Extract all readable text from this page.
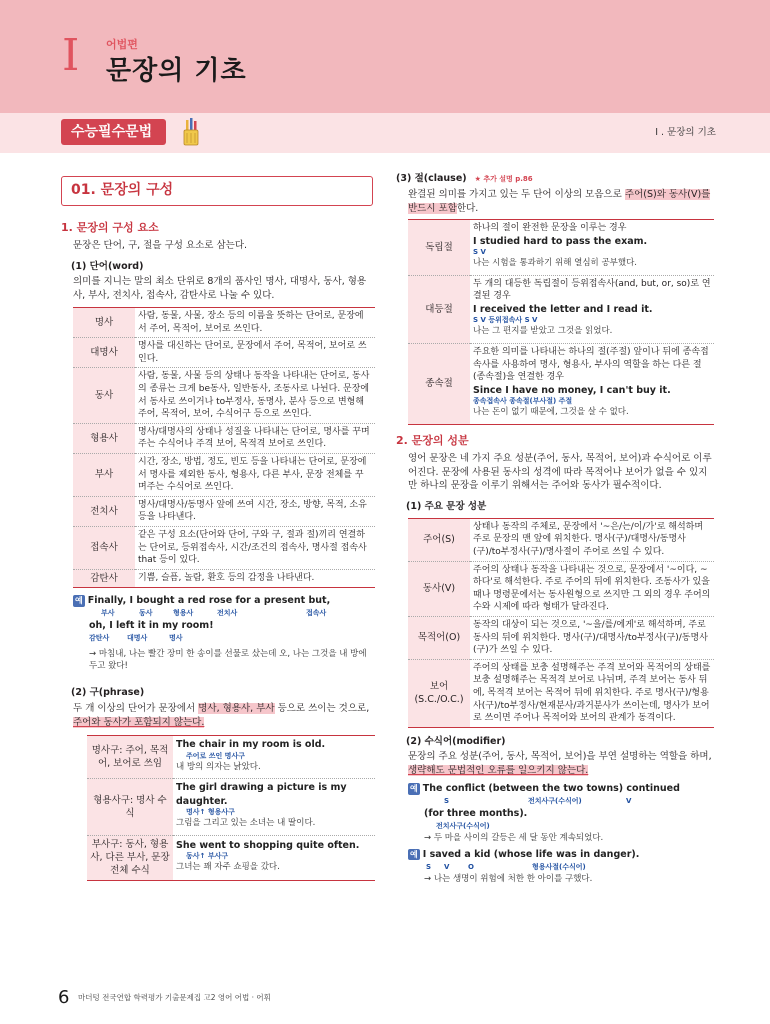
I 어법편
문장의 기초
수능필수문법	I . 문장의 기초
01. 문장의 구성
1. 문장의 구성 요소
문장은 단어, 구, 절을 구성 요소로 삼는다.
(1) 단어(word)
의미를 지니는 말의 최소 단위로 8개의 품사인 명사, 대명사, 동사, 형용사, 부사, 전치사, 접속사, 감탄사로 나눌 수 있다.
명사	사람, 동물, 사물, 장소 등의 이름을 뜻하는 단어로, 문장에서 주어, 목적어, 보어로 쓰인다.
대명사	명사를 대신하는 단어로, 문장에서 주어, 목적어, 보어로 쓰인다.
동사	사람, 동물, 사물 등의 상태나 동작을 나타내는 단어로, 동사의 종류는 크게 be동사, 일반동사, 조동사로 나뉜다. 문장에서 동사로 쓰이거나 to부정사, 동명사, 분사 등으로 변형해 주어, 목적어, 보어, 수식어구 등으로 쓰인다.
형용사	명사/대명사의 상태나 성질을 나타내는 단어로, 명사를 꾸며주는 수식어나 주격 보어, 목적격 보어로 쓰인다.
부사	시간, 장소, 방법, 정도, 빈도 등을 나타내는 단어로, 문장에서 명사를 제외한 동사, 형용사, 다른 부사, 문장 전체를 꾸며주는 수식어로 쓰인다.
전치사	명사/대명사/동명사 앞에 쓰여 시간, 장소, 방향, 목적, 소유 등을 나타낸다.
접속사	같은 구성 요소(단어와 단어, 구와 구, 절과 절)끼리 연결하는 단어로, 등위접속사, 시간/조건의 접속사, 명사절 접속사 that 등이 있다.
감탄사	기쁨, 슬픔, 놀람, 환호 등의 감정을 나타낸다.
예 Finally, I bought a red rose for a present but,
부사	동사	형용사	전치사	접속사
oh, I left it in my room!
감탄사	대명사	명사
→ 마침내, 나는 빨간 장미 한 송이를 선물로 샀는데 오, 나는 그것을 내 방에 두고 왔다!
(2) 구(phrase)
두 개 이상의 단어가 문장에서 명사, 형용사, 부사 등으로 쓰이는 것으로, 주어와 동사가 포함되지 않는다.
명사구: 주어, 목적어, 보어로 쓰임	The chair in my room is old.
주어로 쓰인 명사구
내 방의 의자는 낡았다.

형용사구: 명사 수식	The girl drawing a picture is my daughter.
명사↑ 형용사구
그림을 그리고 있는 소녀는 내 딸이다.

부사구: 동사, 형용사, 다른 부사, 문장 전체 수식	She went to shopping quite often.
동사↑ 부사구
그녀는 꽤 자주 쇼핑을 갔다.
(3) 절(clause) ★ 추가 설명 p.86
완결된 의미를 가지고 있는 두 단어 이상의 모음으로 주어(S)와 동사(V)를 반드시 포함한다.
독립절	하나의 절이 완전한 문장을 이루는 경우
I studied hard to pass the exam.
S V
나는 시험을 통과하기 위해 열심히 공부했다.

대등절	두 개의 대등한 독립절이 등위접속사(and, but, or, so)로 연결된 경우
I received the letter and I read it.
S V 등위접속사 S V
나는 그 편지를 받았고 그것을 읽었다.

종속절	주요한 의미를 나타내는 하나의 절(주절) 앞이나 뒤에 종속접속사를 사용하여 명사, 형용사, 부사의 역할을 하는 다른 절(종속절)을 연결한 경우
Since I have no money, I can't buy it.
종속접속사 종속절(부사절) 주절
나는 돈이 없기 때문에, 그것을 살 수 없다.
2. 문장의 성분
영어 문장은 네 가지 주요 성분(주어, 동사, 목적어, 보어)과 수식어로 이루어진다. 문장에 사용된 동사의 성격에 따라 목적어나 보어가 없을 수 있지만 하나의 문장을 이루기 위해서는 주어와 동사가 필수적이다.
(1) 주요 문장 성분
주어(S)	상태나 동작의 주체로, 문장에서 '~은/는/이/가'로 해석하며 주로 문장의 맨 앞에 위치한다. 명사(구)/대명사/동명사(구)/to부정사(구)/명사절이 주어로 쓰일 수 있다.
동사(V)	주어의 상태나 동작을 나타내는 것으로, 문장에서 '~이다, ~하다'로 해석한다. 주로 주어의 뒤에 위치한다. 조동사가 있을 때나 명령문에서는 동사원형으로 쓰지만 그 외의 경우 주어의 수와 시제에 따라 형태가 달라진다.
목적어(O)	동작의 대상이 되는 것으로, '~을/를/에게'로 해석하며, 주로 동사의 뒤에 위치한다. 명사(구)/대명사/to부정사(구)/동명사(구)가 쓰일 수 있다.
보어 (S.C./O.C.)	주어의 상태를 보충 설명해주는 주격 보어와 목적어의 상태를 보충 설명해주는 목적격 보어로 나뉘며, 주격 보어는 동사 뒤에, 목적격 보어는 목적어 뒤에 위치한다. 주로 명사(구)/형용사(구)/to부정사/현재분사/과거분사가 쓰이는데, 명사가 보어로 쓰이면 주어나 목적어와 보어의 관계가 동격이다.
(2) 수식어(modifier)
문장의 주요 성분(주어, 동사, 목적어, 보어)을 부연 설명하는 역할을 하며, 생략해도 문법적인 오류를 일으키지 않는다.
예 The conflict (between the two towns) continued
S	전치사구(수식어)	V
(for three months).
전치사구(수식어)
→ 두 마을 사이의 갈등은 세 달 동안 계속되었다.
예 I saved a kid (whose life was in danger).
S V	O	형용사절(수식어)
→ 나는 생명이 위험에 처한 한 아이를 구했다.
6 마더텅 전국연합 학력평가 기출문제집 고2 영어 어법 · 어휘
